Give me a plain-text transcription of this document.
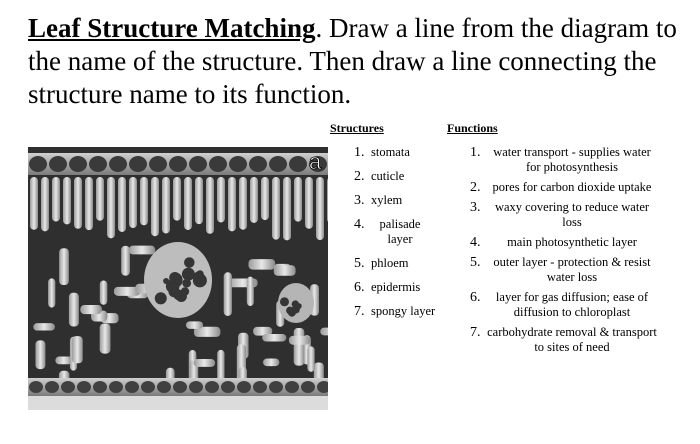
Leaf Structure Matching. Draw a line from the diagram to the name of the structure. Then draw a line connecting the structure name to its function.
a
Structures	Functions
1. stomata
2. cuticle
3. xylem
4.	palisade layer
5. phloem
6. epidermis
7. spongy layer
1.	water transport - supplies water for photosynthesis
2. pores for carbon dioxide uptake
3.	waxy covering to reduce water loss
4.	main photosynthetic layer
5.	outer layer - protection & resist water loss
6.	layer for gas diffusion; ease of diffusion to chloroplast
7. carbohydrate removal & transport to sites of need
